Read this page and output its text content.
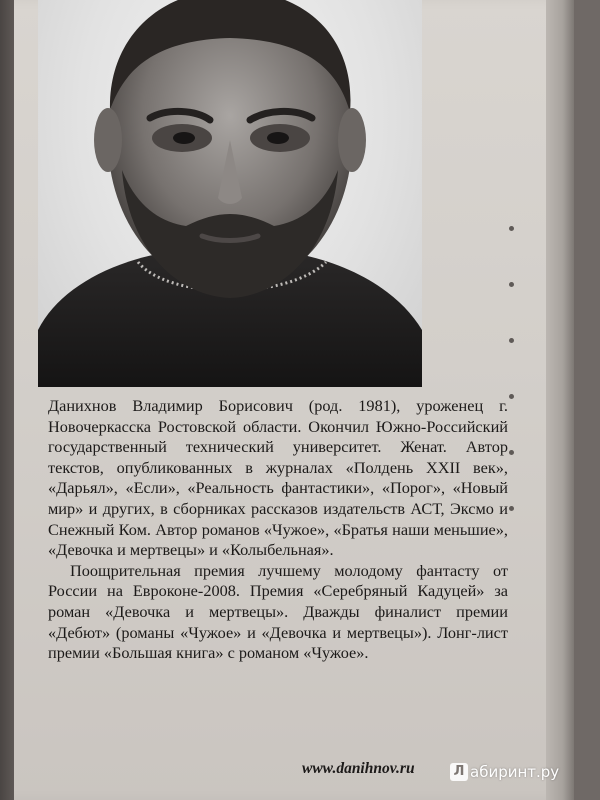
Данихнов Владимир Борисович (род. 1981), уроженец г. Новочеркасска Ростовской области. Окончил Южно-Российский государственный технический университет. Женат. Автор текстов, опубликованных в журналах «Полдень XXII век», «Дарьял», «Если», «Реальность фантастики», «Порог», «Новый мир» и других, в сборниках рассказов издательств АСТ, Эксмо и Снежный Ком. Автор романов «Чужое», «Братья наши меньшие», «Девочка и мертвецы» и «Колыбельная».

Поощрительная премия лучшему молодому фантасту от России на Евроконе-2008. Премия «Серебряный Кадуцей» за роман «Девочка и мертвецы». Дважды финалист премии «Дебют» (романы «Чужое» и «Девочка и мертвецы»). Лонг-лист премии «Большая книга» с романом «Чужое».

www.danihnov.ru	Л абиринт.ру
